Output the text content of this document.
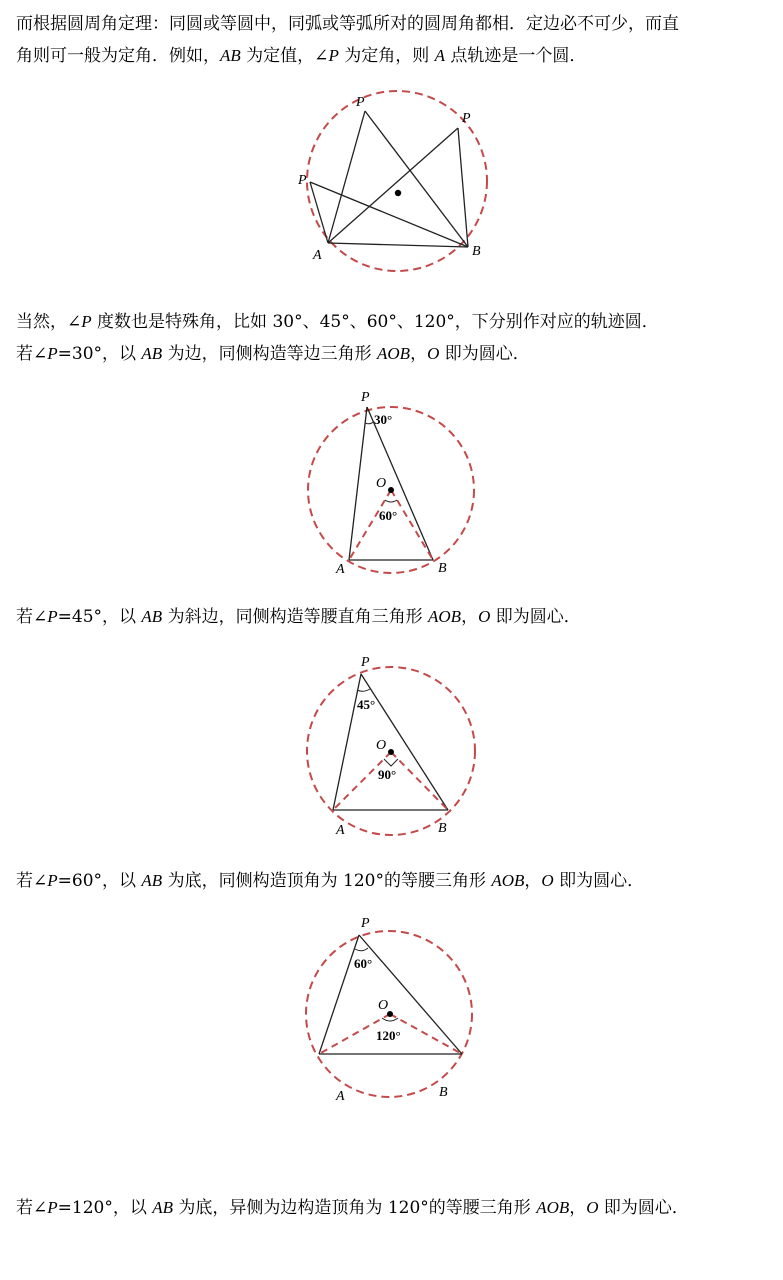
而根据圆周角定理：同圆或等圆中，同弧或等弧所对的圆周角都相．定边必不可少，而直
角则可一般为定角．例如，AB 为定值，∠P 为定角，则 A 点轨迹是一个圆．
P
P
P
A	B
当然，∠P 度数也是特殊角，比如 30°、45°、60°、120°，下分别作对应的轨迹圆．
若∠P=30°，以 AB 为边，同侧构造等边三角形 AOB，O 即为圆心．
P
30°
O
60°
A	B
若∠P=45°，以 AB 为斜边，同侧构造等腰直角三角形 AOB，O 即为圆心．
P
45°
O
90°
A	B
若∠P=60°，以 AB 为底，同侧构造顶角为 120°的等腰三角形 AOB，O 即为圆心．
P
60°
O
120°
A	B
若∠P=120°，以 AB 为底，异侧为边构造顶角为 120°的等腰三角形 AOB，O 即为圆心．
